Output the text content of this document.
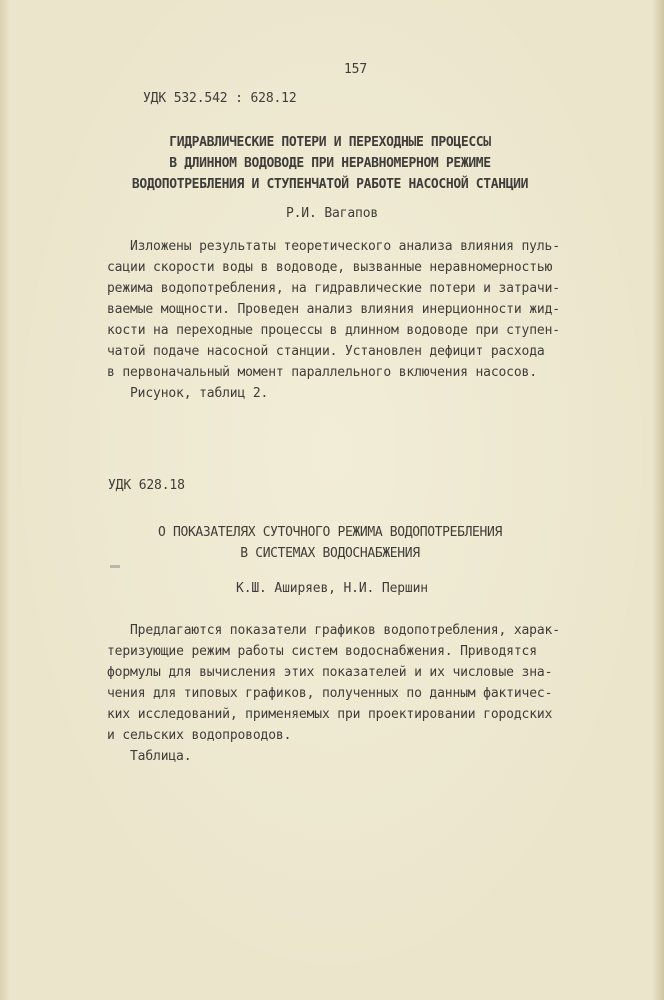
157
УДК 532.542 : 628.12
ГИДРАВЛИЧЕСКИЕ ПОТЕРИ И ПЕРЕХОДНЫЕ ПРОЦЕССЫ
В ДЛИННОМ ВОДОВОДЕ ПРИ НЕРАВНОМЕРНОМ РЕЖИМЕ
ВОДОПОТРЕБЛЕНИЯ И СТУПЕНЧАТОЙ РАБОТЕ НАСОСНОЙ СТАНЦИИ
Р.И. Вагапов
Изложены результаты теоретического анализа влияния пуль-
сации скорости воды в водоводе, вызванные неравномерностью
режима водопотребления, на гидравлические потери и затрачи-
ваемые мощности. Проведен анализ влияния инерционности жид-
кости на переходные процессы в длинном водоводе при ступен-
чатой подаче насосной станции. Установлен дефицит расхода
в первоначальный момент параллельного включения насосов.
Рисунок, таблиц 2.
УДК 628.18
О ПОКАЗАТЕЛЯХ СУТОЧНОГО РЕЖИМА ВОДОПОТРЕБЛЕНИЯ
В СИСТЕМАХ ВОДОСНАБЖЕНИЯ
К.Ш. Аширяев, Н.И. Першин
Предлагаются показатели графиков водопотребления, харак-
теризующие режим работы систем водоснабжения. Приводятся
формулы для вычисления этих показателей и их числовые зна-
чения для типовых графиков, полученных по данным фактичес-
ких исследований, применяемых при проектировании городских
и сельских водопроводов.
Таблица.
